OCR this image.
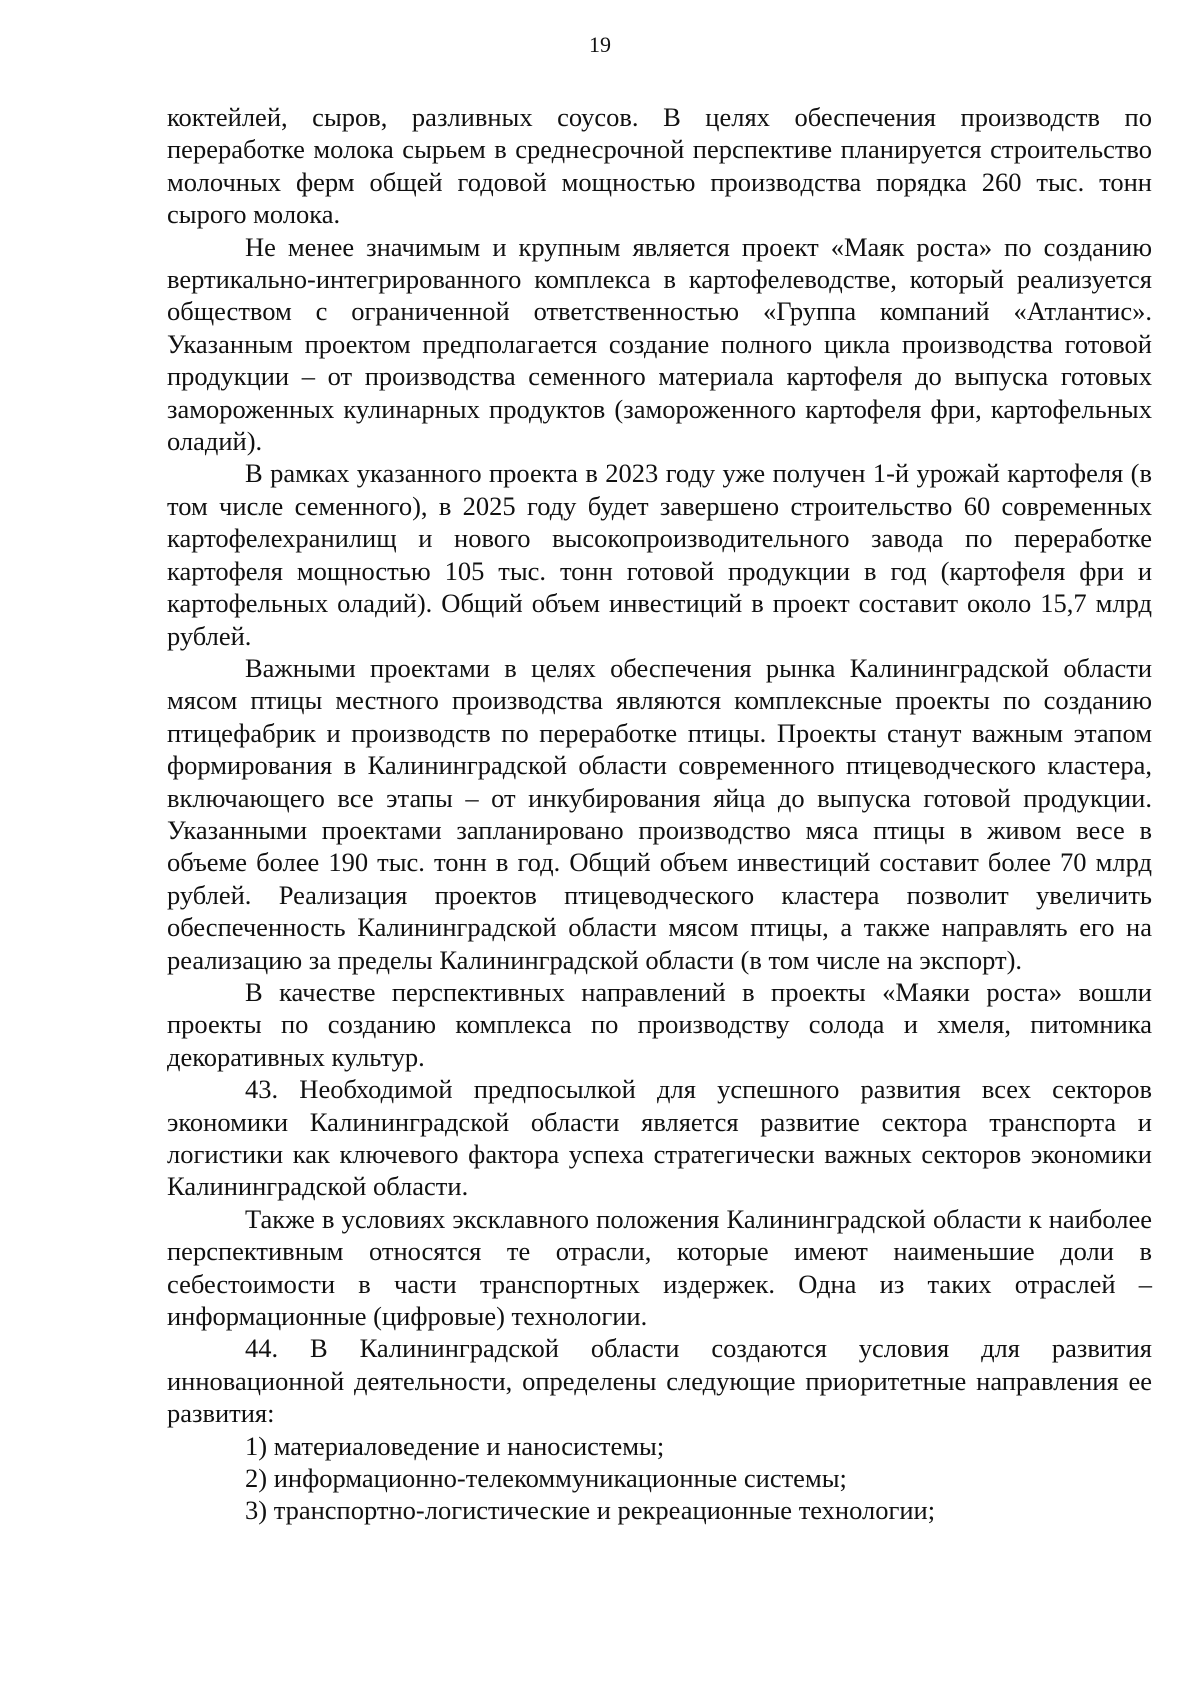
19

коктейлей, сыров, разливных соусов. В целях обеспечения производств по переработке молока сырьем в среднесрочной перспективе планируется строительство молочных ферм общей годовой мощностью производства порядка 260 тыс. тонн сырого молока.

Не менее значимым и крупным является проект «Маяк роста» по созданию вертикально-интегрированного комплекса в картофелеводстве, который реализуется обществом с ограниченной ответственностью «Группа компаний «Атлантис». Указанным проектом предполагается создание полного цикла производства готовой продукции – от производства семенного материала картофеля до выпуска готовых замороженных кулинарных продуктов (замороженного картофеля фри, картофельных оладий).

В рамках указанного проекта в 2023 году уже получен 1-й урожай картофеля (в том числе семенного), в 2025 году будет завершено строительство 60 современных картофелехранилищ и нового высокопроизводительного завода по переработке картофеля мощностью 105 тыс. тонн готовой продукции в год (картофеля фри и картофельных оладий). Общий объем инвестиций в проект составит около 15,7 млрд рублей.

Важными проектами в целях обеспечения рынка Калининградской области мясом птицы местного производства являются комплексные проекты по созданию птицефабрик и производств по переработке птицы. Проекты станут важным этапом формирования в Калининградской области современного птицеводческого кластера, включающего все этапы – от инкубирования яйца до выпуска готовой продукции. Указанными проектами запланировано производство мяса птицы в живом весе в объеме более 190 тыс. тонн в год. Общий объем инвестиций составит более 70 млрд рублей. Реализация проектов птицеводческого кластера позволит увеличить обеспеченность Калининградской области мясом птицы, а также направлять его на реализацию за пределы Калининградской области (в том числе на экспорт).

В качестве перспективных направлений в проекты «Маяки роста» вошли проекты по созданию комплекса по производству солода и хмеля, питомника декоративных культур.

43. Необходимой предпосылкой для успешного развития всех секторов экономики Калининградской области является развитие сектора транспорта и логистики как ключевого фактора успеха стратегически важных секторов экономики Калининградской области.

Также в условиях эксклавного положения Калининградской области к наиболее перспективным относятся те отрасли, которые имеют наименьшие доли в себестоимости в части транспортных издержек. Одна из таких отраслей – информационные (цифровые) технологии.

44. В Калининградской области создаются условия для развития инновационной деятельности, определены следующие приоритетные направления ее развития:

1) материаловедение и наносистемы;

2) информационно-телекоммуникационные системы;

3) транспортно-логистические и рекреационные технологии;
